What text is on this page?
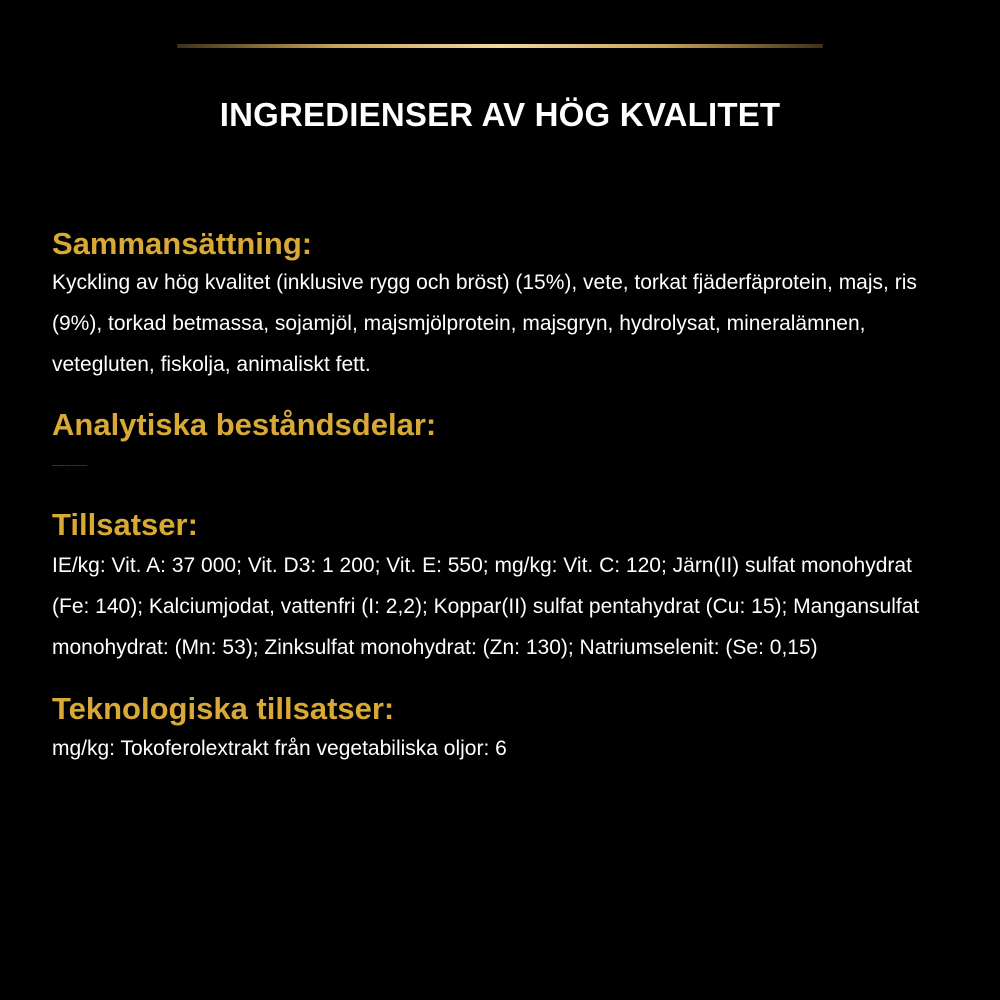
INGREDIENSER AV HÖG KVALITET
Sammansättning:

Kyckling av hög kvalitet (inklusive rygg och bröst) (15%), vete, torkat fjäderfäprotein, majs, ris (9%), torkad betmassa, sojamjöl, majsmjölprotein, majsgryn, hydrolysat, mineralämnen, vetegluten, fiskolja, animaliskt fett.

Analytiska beståndsdelar:

Protein: 29,0%, Fettinnehåll: 9,0%, Råaska: 7,5%, Växttråd: 3,5%, Taurin: 0,1%

Tillsatser:

IE/kg: Vit. A: 37 000; Vit. D3: 1 200; Vit. E: 550; mg/kg: Vit. C: 120; Järn(II) sulfat monohydrat (Fe: 140); Kalciumjodat, vattenfri (I: 2,2); Koppar(II) sulfat pentahydrat (Cu: 15); Mangansulfat monohydrat: (Mn: 53); Zinksulfat monohydrat: (Zn: 130); Natriumselenit: (Se: 0,15)

Teknologiska tillsatser:

mg/kg: Tokoferolextrakt från vegetabiliska oljor: 6
